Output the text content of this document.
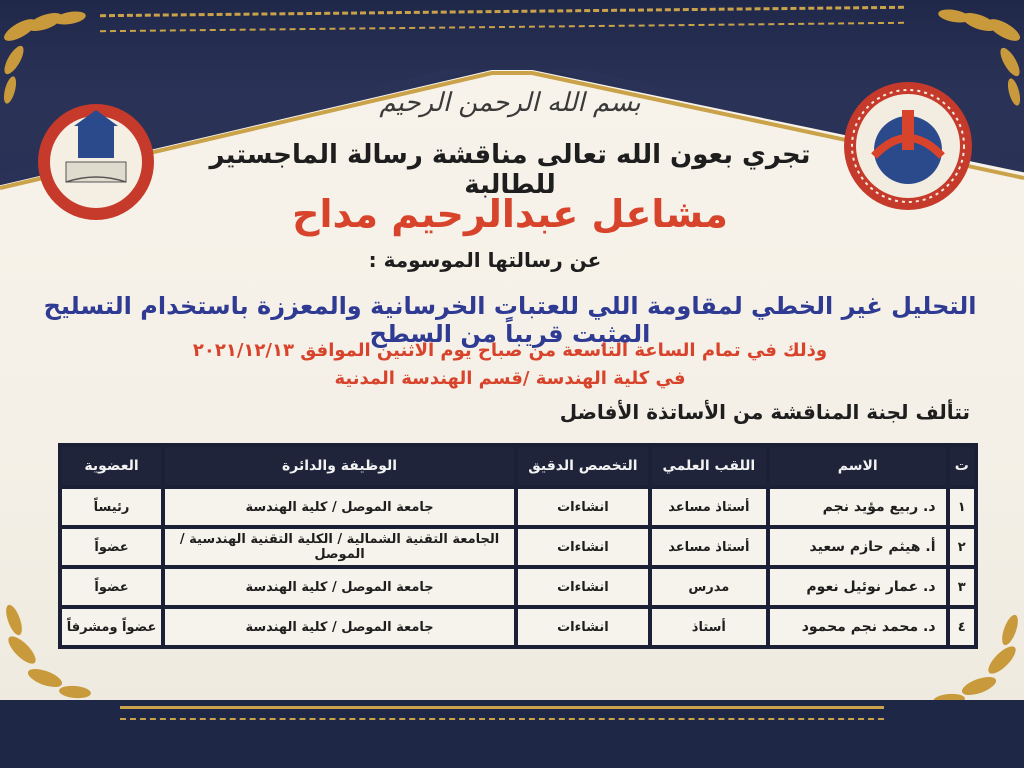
بسم الله الرحمن الرحيم
تجري بعون الله تعالى مناقشة رسالة الماجستير للطالبة
مشاعل عبدالرحيم مداح
عن رسالتها الموسومة :
التحليل غير الخطي لمقاومة اللي للعتبات الخرسانية والمعززة باستخدام التسليح المثبت قريباً من السطح
وذلك في تمام الساعة التاسعة من صباح يوم الاثنين الموافق ٢٠٢١/١٢/١٣
في كلية الهندسة /قسم الهندسة المدنية
تتألف لجنة المناقشة من الأساتذة الأفاضل
ت	الاسم	اللقب العلمي	التخصص الدقيق	الوظيفة والدائرة	العضوية
١	د. ربيع مؤيد نجم	أستاذ مساعد	انشاءات	جامعة الموصل / كلية الهندسة	رئيساً
٢	أ. هيثم حازم سعيد	أستاذ مساعد	انشاءات	الجامعة التقنية الشمالية / الكلية التقنية الهندسية /الموصل	عضواً
٣	د. عمار نوئيل نعوم	مدرس	انشاءات	جامعة الموصل / كلية الهندسة	عضواً
٤	د. محمد نجم محمود	أستاذ	انشاءات	جامعة الموصل / كلية الهندسة	عضواً ومشرفاً
